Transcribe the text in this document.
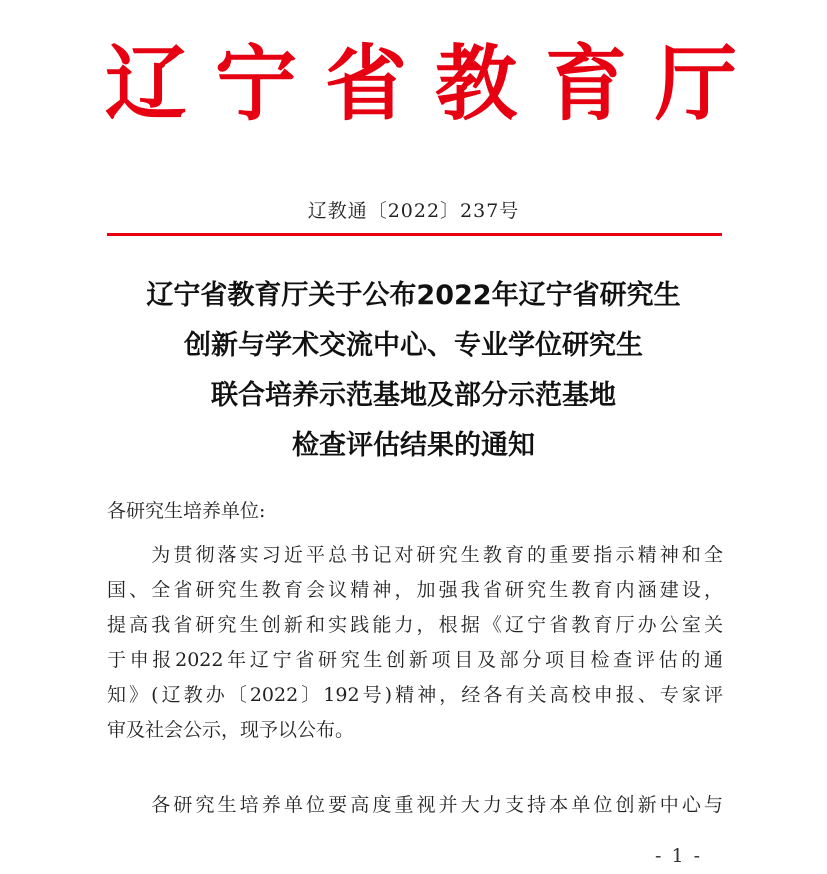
辽宁省教育厅
辽教通〔2022〕237号
辽宁省教育厅关于公布2022年辽宁省研究生
创新与学术交流中心、专业学位研究生
联合培养示范基地及部分示范基地
检查评估结果的通知
各研究生培养单位:

　　为贯彻落实习近平总书记对研究生教育的重要指示精神和全
国、全省研究生教育会议精神，加强我省研究生教育内涵建设，
提高我省研究生创新和实践能力，根据《辽宁省教育厅办公室关
于申报2022年辽宁省研究生创新项目及部分项目检查评估的通
知》(辽教办〔2022〕192号)精神，经各有关高校申报、专家评
审及社会公示，现予以公布。

　　各研究生培养单位要高度重视并大力支持本单位创新中心与

- 1 -
